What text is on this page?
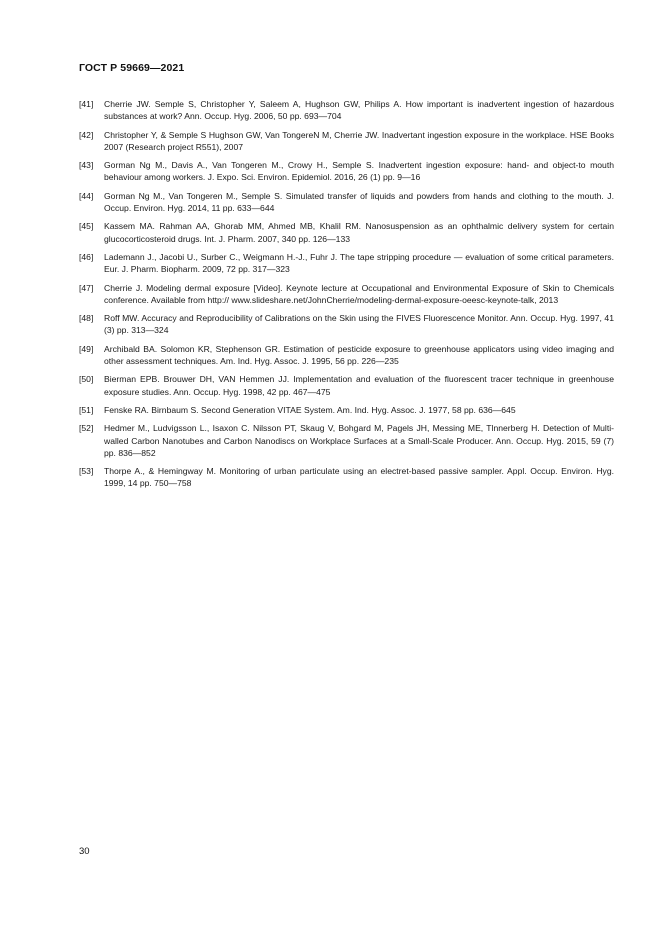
ГОСТ Р 59669—2021
[41]	Cherrie JW. Semple S, Christopher Y, Saleem A, Hughson GW, Philips A. How important is inadvertent ingestion of hazardous substances at work? Ann. Occup. Hyg. 2006, 50 pp. 693—704
[42]	Christopher Y, & Semple S Hughson GW, Van TongereN M, Cherrie JW. Inadvertant ingestion exposure in the workplace. HSE Books 2007 (Research project R551), 2007
[43]	Gorman Ng M., Davis A., Van Tongeren M., Crowy H., Semple S. Inadvertent ingestion exposure: hand- and object-to mouth behaviour among workers. J. Expo. Sci. Environ. Epidemiol. 2016, 26 (1) pp. 9—16
[44]	Gorman Ng M., Van Tongeren M., Semple S. Simulated transfer of liquids and powders from hands and clothing to the mouth. J. Occup. Environ. Hyg. 2014, 11 pp. 633—644
[45]	Kassem MA. Rahman AA, Ghorab MM, Ahmed MB, Khalil RM. Nanosuspension as an ophthalmic delivery system for certain glucocorticosteroid drugs. Int. J. Pharm. 2007, 340 pp. 126—133
[46]	Lademann J., Jacobi U., Surber C., Weigmann H.-J., Fuhr J. The tape stripping procedure — evaluation of some critical parameters. Eur. J. Pharm. Biopharm. 2009, 72 pp. 317—323
[47]	Cherrie J. Modeling dermal exposure [Video]. Keynote lecture at Occupational and Environmental Exposure of Skin to Chemicals conference. Available from http:// www.slideshare.net/JohnCherrie/modeling-dermal-exposure-oeesc-keynote-talk, 2013
[48]	Roff MW. Accuracy and Reproducibility of Calibrations on the Skin using the FIVES Fluorescence Monitor. Ann. Occup. Hyg. 1997, 41 (3) pp. 313—324
[49]	Archibald BA. Solomon KR, Stephenson GR. Estimation of pesticide exposure to greenhouse applicators using video imaging and other assessment techniques. Am. Ind. Hyg. Assoc. J. 1995, 56 pp. 226—235
[50]	Bierman EPB. Brouwer DH, VAN Hemmen JJ. Implementation and evaluation of the fluorescent tracer technique in greenhouse exposure studies. Ann. Occup. Hyg. 1998, 42 pp. 467—475
[51]	Fenske RA. Birnbaum S. Second Generation VITAE System. Am. Ind. Hyg. Assoc. J. 1977, 58 pp. 636—645
[52]	Hedmer M., Ludvigsson L., Isaxon C. Nilsson PT, Skaug V, Bohgard M, Pagels JH, Messing ME, Tlnnerberg H. Detection of Multi-walled Carbon Nanotubes and Carbon Nanodiscs on Workplace Surfaces at a Small-Scale Producer. Ann. Occup. Hyg. 2015, 59 (7) pp. 836—852
[53]	Thorpe A., & Hemingway M. Monitoring of urban particulate using an electret-based passive sampler. Appl. Occup. Environ. Hyg. 1999, 14 pp. 750—758
30
